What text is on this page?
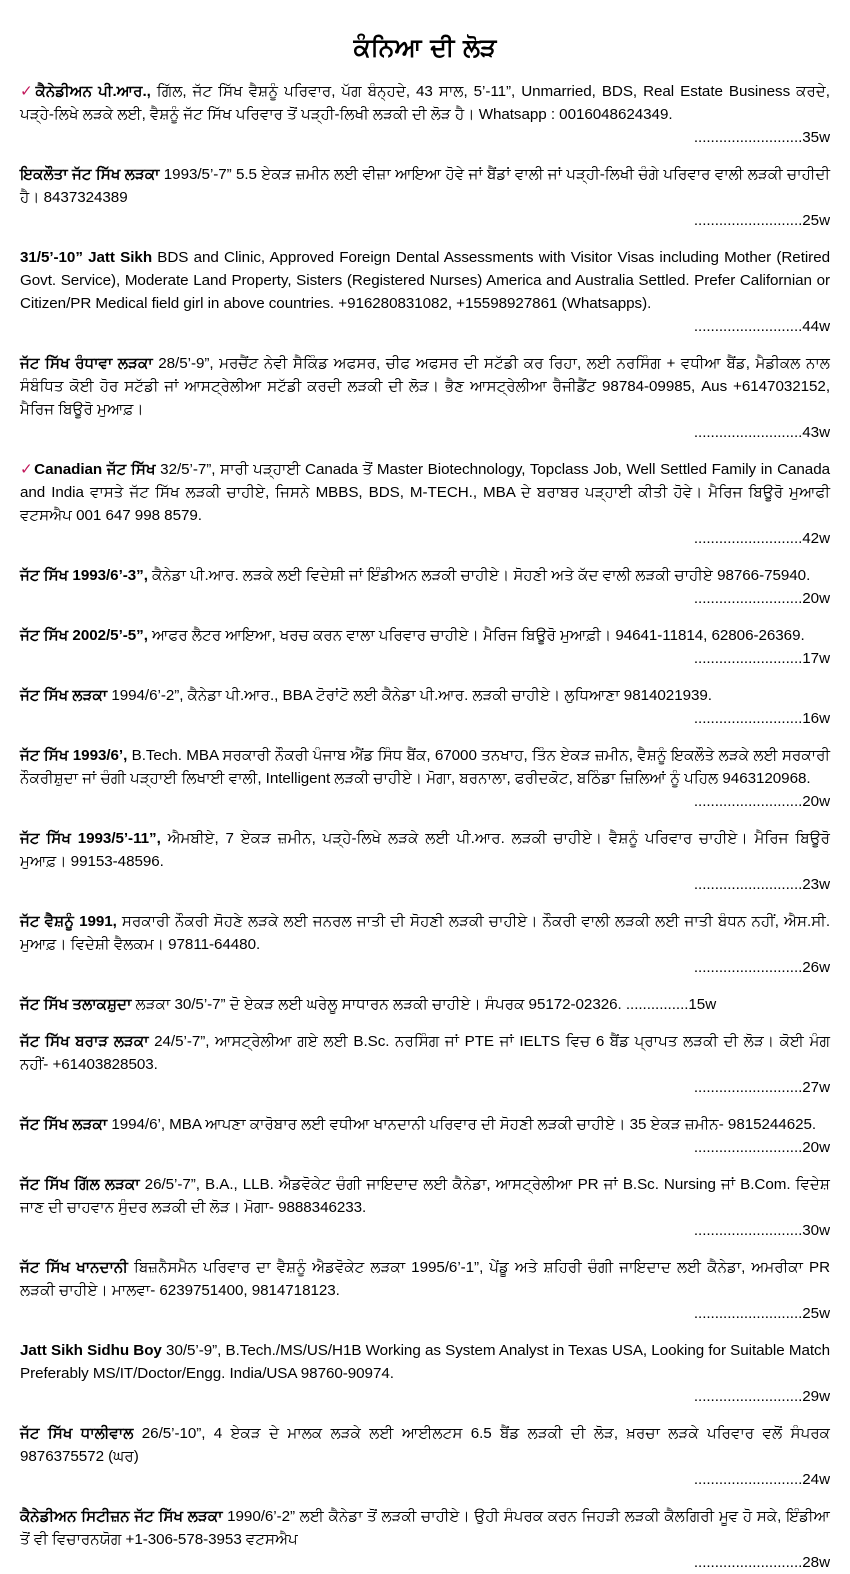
ਕੰਨਿਆ ਦੀ ਲੋੜ
✓ਕੈਨੇਡੀਅਨ ਪੀ.ਆਰ., ਗਿੱਲ, ਜੱਟ ਸਿੱਖ ਵੈਸ਼ਨੂੰ ਪਰਿਵਾਰ, ਪੱਗ ਬੰਨ੍ਹਦੇ, 43 ਸਾਲ, 5’-11”, Unmarried, BDS, Real Estate Business ਕਰਦੇ, ਪੜ੍ਹੇ-ਲਿਖੇ ਲੜਕੇ ਲਈ, ਵੈਸ਼ਨੂੰ ਜੱਟ ਸਿੱਖ ਪਰਿਵਾਰ ਤੋਂ ਪੜ੍ਹੀ-ਲਿਖੀ ਲੜਕੀ ਦੀ ਲੋੜ ਹੈ। Whatsapp : 0016048624349.
..........................35w
ਇਕਲੌਤਾ ਜੱਟ ਸਿੱਖ ਲੜਕਾ 1993/5’-7” 5.5 ਏਕੜ ਜ਼ਮੀਨ ਲਈ ਵੀਜ਼ਾ ਆਇਆ ਹੋਵੇ ਜਾਂ ਬੈਂਡਾਂ ਵਾਲੀ ਜਾਂ ਪੜ੍ਹੀ-ਲਿਖੀ ਚੰਗੇ ਪਰਿਵਾਰ ਵਾਲੀ ਲੜਕੀ ਚਾਹੀਦੀ ਹੈ। 8437324389
..........................25w
31/5’-10” Jatt Sikh BDS and Clinic, Approved Foreign Dental Assessments with Visitor Visas including Mother (Retired Govt. Service), Moderate Land Property, Sisters (Registered Nurses) America and Australia Settled. Prefer Californian or Citizen/PR Medical field girl in above countries. +916280831082, +15598927861 (Whatsapps).
..........................44w
ਜੱਟ ਸਿੱਖ ਰੰਧਾਵਾ ਲੜਕਾ 28/5’-9”, ਮਰਚੈਂਟ ਨੇਵੀ ਸੈਕਿੰਡ ਅਫਸਰ, ਚੀਫ ਅਫਸਰ ਦੀ ਸਟੱਡੀ ਕਰ ਰਿਹਾ, ਲਈ ਨਰਸਿੰਗ + ਵਧੀਆ ਬੈਂਡ, ਮੈਡੀਕਲ ਨਾਲ ਸੰਬੰਧਿਤ ਕੋਈ ਹੋਰ ਸਟੱਡੀ ਜਾਂ ਆਸਟ੍ਰੇਲੀਆ ਸਟੱਡੀ ਕਰਦੀ ਲੜਕੀ ਦੀ ਲੋੜ। ਭੈਣ ਆਸਟ੍ਰੇਲੀਆ ਰੈਜੀਡੈਂਟ 98784-09985, Aus +6147032152, ਮੈਰਿਜ ਬਿਊਰੋ ਮੁਆਫ਼।
..........................43w
✓Canadian ਜੱਟ ਸਿੱਖ 32/5’-7”, ਸਾਰੀ ਪੜ੍ਹਾਈ Canada ਤੋਂ Master Biotechnology, Topclass Job, Well Settled Family in Canada and India ਵਾਸਤੇ ਜੱਟ ਸਿੱਖ ਲੜਕੀ ਚਾਹੀਏ, ਜਿਸਨੇ MBBS, BDS, M-TECH., MBA ਦੇ ਬਰਾਬਰ ਪੜ੍ਹਾਈ ਕੀਤੀ ਹੋਵੇ। ਮੈਰਿਜ ਬਿਊਰੋ ਮੁਆਫੀ ਵਟਸਐਪ 001 647 998 8579.
..........................42w
ਜੱਟ ਸਿੱਖ 1993/6’-3”, ਕੈਨੇਡਾ ਪੀ.ਆਰ. ਲੜਕੇ ਲਈ ਵਿਦੇਸ਼ੀ ਜਾਂ ਇੰਡੀਅਨ ਲੜਕੀ ਚਾਹੀਏ। ਸੋਹਣੀ ਅਤੇ ਕੱਦ ਵਾਲੀ ਲੜਕੀ ਚਾਹੀਏ 98766-75940.
..........................20w
ਜੱਟ ਸਿੱਖ 2002/5’-5”, ਆਫਰ ਲੈਟਰ ਆਇਆ, ਖਰਚ ਕਰਨ ਵਾਲਾ ਪਰਿਵਾਰ ਚਾਹੀਏ। ਮੈਰਿਜ ਬਿਊਰੋ ਮੁਆਫ਼ੀ। 94641-11814, 62806-26369.
..........................17w
ਜੱਟ ਸਿੱਖ ਲੜਕਾ 1994/6’-2”, ਕੈਨੇਡਾ ਪੀ.ਆਰ., BBA ਟੋਰਾਂਟੋ ਲਈ ਕੈਨੇਡਾ ਪੀ.ਆਰ. ਲੜਕੀ ਚਾਹੀਏ। ਲੁਧਿਆਣਾ 9814021939.
..........................16w
ਜੱਟ ਸਿੱਖ 1993/6’, B.Tech. MBA ਸਰਕਾਰੀ ਨੌਕਰੀ ਪੰਜਾਬ ਐਂਡ ਸਿੰਧ ਬੈਂਕ, 67000 ਤਨਖਾਹ, ਤਿੰਨ ਏਕੜ ਜ਼ਮੀਨ, ਵੈਸ਼ਨੂੰ ਇਕਲੌਤੇ ਲੜਕੇ ਲਈ ਸਰਕਾਰੀ ਨੌਕਰੀਸ਼ੁਦਾ ਜਾਂ ਚੰਗੀ ਪੜ੍ਹਾਈ ਲਿਖਾਈ ਵਾਲੀ, Intelligent ਲੜਕੀ ਚਾਹੀਏ। ਮੋਗਾ, ਬਰਨਾਲਾ, ਫਰੀਦਕੋਟ, ਬਠਿੰਡਾ ਜ਼ਿਲਿਆਂ ਨੂੰ ਪਹਿਲ 9463120968.
..........................20w
ਜੱਟ ਸਿੱਖ 1993/5’-11”, ਐਮਬੀਏ, 7 ਏਕੜ ਜ਼ਮੀਨ, ਪੜ੍ਹੇ-ਲਿਖੇ ਲੜਕੇ ਲਈ ਪੀ.ਆਰ. ਲੜਕੀ ਚਾਹੀਏ। ਵੈਸ਼ਨੂੰ ਪਰਿਵਾਰ ਚਾਹੀਏ। ਮੈਰਿਜ ਬਿਊਰੋ ਮੁਆਫ਼। 99153-48596.
..........................23w
ਜੱਟ ਵੈਸ਼ਨੂੰ 1991, ਸਰਕਾਰੀ ਨੌਕਰੀ ਸੋਹਣੇ ਲੜਕੇ ਲਈ ਜਨਰਲ ਜਾਤੀ ਦੀ ਸੋਹਣੀ ਲੜਕੀ ਚਾਹੀਏ। ਨੌਕਰੀ ਵਾਲੀ ਲੜਕੀ ਲਈ ਜਾਤੀ ਬੰਧਨ ਨਹੀਂ, ਐਸ.ਸੀ. ਮੁਆਫ਼। ਵਿਦੇਸ਼ੀ ਵੈਲਕਮ। 97811-64480.
..........................26w
ਜੱਟ ਸਿੱਖ ਤਲਾਕਸ਼ੁਦਾ ਲੜਕਾ 30/5’-7” ਦੋ ਏਕੜ ਲਈ ਘਰੇਲੂ ਸਾਧਾਰਨ ਲੜਕੀ ਚਾਹੀਏ। ਸੰਪਰਕ 95172-02326. ...............15w
ਜੱਟ ਸਿੱਖ ਬਰਾੜ ਲੜਕਾ 24/5’-7”, ਆਸਟ੍ਰੇਲੀਆ ਗਏ ਲਈ B.Sc. ਨਰਸਿੰਗ ਜਾਂ PTE ਜਾਂ IELTS ਵਿਚ 6 ਬੈਂਡ ਪ੍ਰਾਪਤ ਲੜਕੀ ਦੀ ਲੋੜ। ਕੋਈ ਮੰਗ ਨਹੀਂ- +61403828503.
..........................27w
ਜੱਟ ਸਿੱਖ ਲੜਕਾ 1994/6’, MBA ਆਪਣਾ ਕਾਰੋਬਾਰ ਲਈ ਵਧੀਆ ਖਾਨਦਾਨੀ ਪਰਿਵਾਰ ਦੀ ਸੋਹਣੀ ਲੜਕੀ ਚਾਹੀਏ। 35 ਏਕੜ ਜ਼ਮੀਨ- 9815244625.
..........................20w
ਜੱਟ ਸਿੱਖ ਗਿੱਲ ਲੜਕਾ 26/5’-7”, B.A., LLB. ਐਡਵੋਕੇਟ ਚੰਗੀ ਜਾਇਦਾਦ ਲਈ ਕੈਨੇਡਾ, ਆਸਟ੍ਰੇਲੀਆ PR ਜਾਂ B.Sc. Nursing ਜਾਂ B.Com. ਵਿਦੇਸ਼ ਜਾਣ ਦੀ ਚਾਹਵਾਨ ਸੁੰਦਰ ਲੜਕੀ ਦੀ ਲੋੜ। ਮੋਗਾ- 9888346233.
..........................30w
ਜੱਟ ਸਿੱਖ ਖਾਨਦਾਨੀ ਬਿਜ਼ਨੈਸਮੈਨ ਪਰਿਵਾਰ ਦਾ ਵੈਸ਼ਨੂੰ ਐਡਵੋਕੇਟ ਲੜਕਾ 1995/6’-1”, ਪੇਂਡੂ ਅਤੇ ਸ਼ਹਿਰੀ ਚੰਗੀ ਜਾਇਦਾਦ ਲਈ ਕੈਨੇਡਾ, ਅਮਰੀਕਾ PR ਲੜਕੀ ਚਾਹੀਏ। ਮਾਲਵਾ- 6239751400, 9814718123.
..........................25w
Jatt Sikh Sidhu Boy 30/5’-9”, B.Tech./MS/US/H1B Working as System Analyst in Texas USA, Looking for Suitable Match Preferably MS/IT/Doctor/Engg. India/USA 98760-90974.
..........................29w
ਜੱਟ ਸਿੱਖ ਧਾਲੀਵਾਲ 26/5’-10”, 4 ਏਕੜ ਦੇ ਮਾਲਕ ਲੜਕੇ ਲਈ ਆਈਲਟਸ 6.5 ਬੈਂਡ ਲੜਕੀ ਦੀ ਲੋੜ, ਖ਼ਰਚਾ ਲੜਕੇ ਪਰਿਵਾਰ ਵਲੋਂ ਸੰਪਰਕ 9876375572 (ਘਰ)
..........................24w
ਕੈਨੇਡੀਅਨ ਸਿਟੀਜ਼ਨ ਜੱਟ ਸਿੱਖ ਲੜਕਾ 1990/6’-2” ਲਈ ਕੈਨੇਡਾ ਤੋਂ ਲੜਕੀ ਚਾਹੀਏ। ਉਹੀ ਸੰਪਰਕ ਕਰਨ ਜਿਹੜੀ ਲੜਕੀ ਕੈਲਗਿਰੀ ਮੂਵ ਹੋ ਸਕੇ, ਇੰਡੀਆ ਤੋਂ ਵੀ ਵਿਚਾਰਨਯੋਗ +1-306-578-3953 ਵਟਸਐਪ
..........................28w
